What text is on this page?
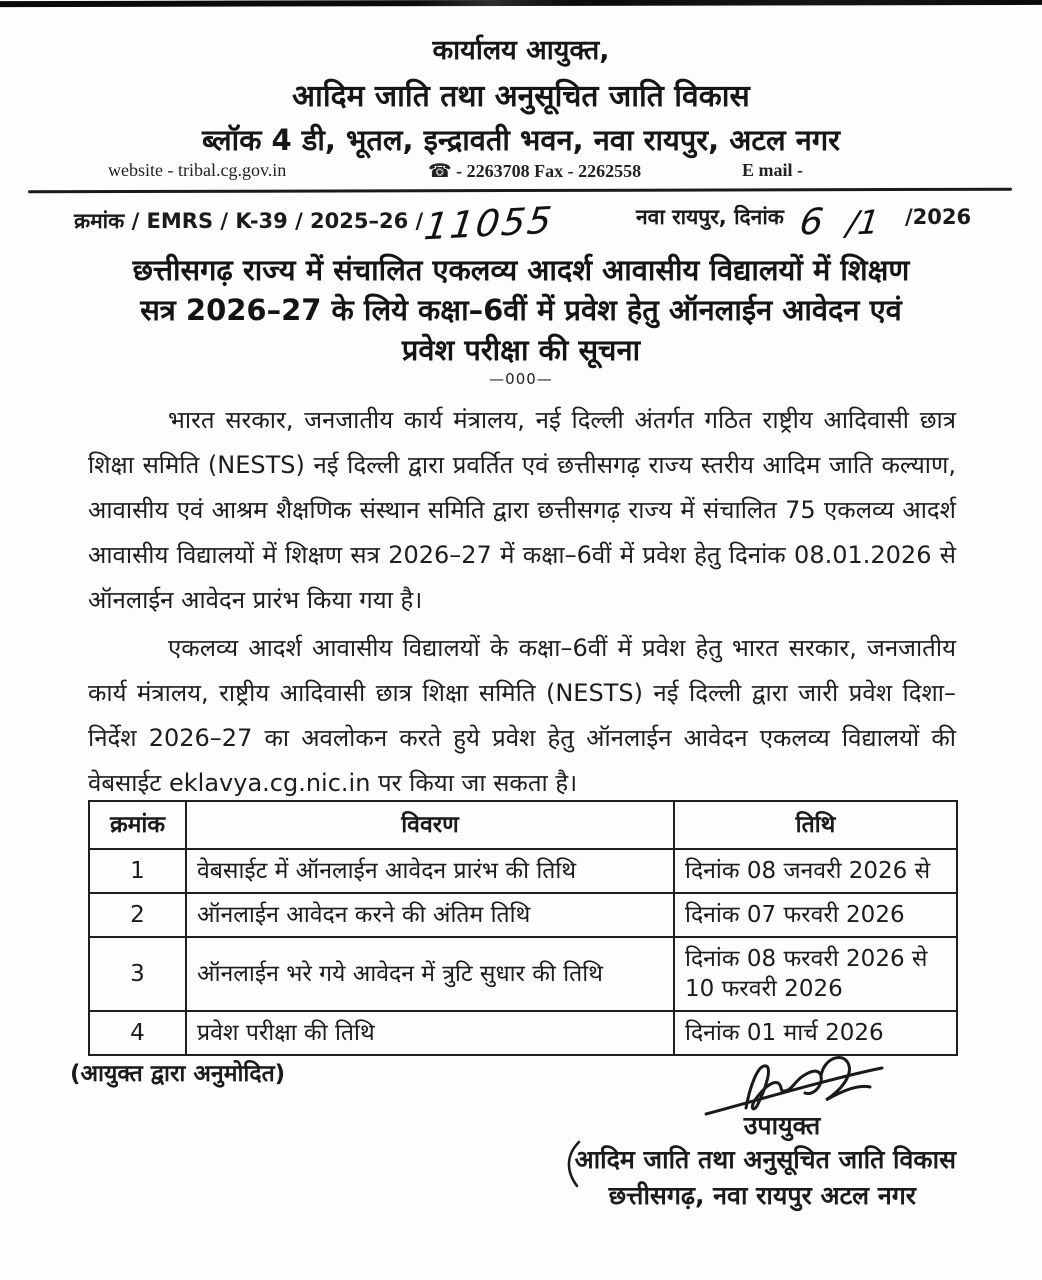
कार्यालय आयुक्त,
आदिम जाति तथा अनुसूचित जाति विकास
ब्लॉक 4 डी, भूतल, इन्द्रावती भवन, नवा रायपुर, अटल नगर
website - tribal.cg.gov.in	☎ - 2263708 Fax - 2262558	E mail -
क्रमांक / EMRS / K-39 / 2025–26 /11055	नवा रायपुर, दिनांक 6 /1 /2026
छत्तीसगढ़ राज्य में संचालित एकलव्य आदर्श आवासीय विद्यालयों में शिक्षण
सत्र 2026–27 के लिये कक्षा–6वीं में प्रवेश हेतु ऑनलाईन आवेदन एवं
प्रवेश परीक्षा की सूचना
—000—
भारत सरकार, जनजातीय कार्य मंत्रालय, नई दिल्ली अंतर्गत गठित राष्ट्रीय आदिवासी छात्र शिक्षा समिति (NESTS) नई दिल्ली द्वारा प्रवर्तित एवं छत्तीसगढ़ राज्य स्तरीय आदिम जाति कल्याण, आवासीय एवं आश्रम शैक्षणिक संस्थान समिति द्वारा छत्तीसगढ़ राज्य में संचालित 75 एकलव्य आदर्श आवासीय विद्यालयों में शिक्षण सत्र 2026–27 में कक्षा–6वीं में प्रवेश हेतु दिनांक 08.01.2026 से ऑनलाईन आवेदन प्रारंभ किया गया है।
एकलव्य आदर्श आवासीय विद्यालयों के कक्षा–6वीं में प्रवेश हेतु भारत सरकार, जनजातीय कार्य मंत्रालय, राष्ट्रीय आदिवासी छात्र शिक्षा समिति (NESTS) नई दिल्ली द्वारा जारी प्रवेश दिशा–निर्देश 2026–27 का अवलोकन करते हुये प्रवेश हेतु ऑनलाईन आवेदन एकलव्य विद्यालयों की वेबसाईट eklavya.cg.nic.in पर किया जा सकता है।
क्रमांक	विवरण	तिथि
1	वेबसाईट में ऑनलाईन आवेदन प्रारंभ की तिथि	दिनांक 08 जनवरी 2026 से
2	ऑनलाईन आवेदन करने की अंतिम तिथि	दिनांक 07 फरवरी 2026
3	ऑनलाईन भरे गये आवेदन में त्रुटि सुधार की तिथि	दिनांक 08 फरवरी 2026 से 10 फरवरी 2026
4	प्रवेश परीक्षा की तिथि	दिनांक 01 मार्च 2026
(आयुक्त द्वारा अनुमोदित)
उपायुक्त
आदिम जाति तथा अनुसूचित जाति विकास
छत्तीसगढ़, नवा रायपुर अटल नगर
